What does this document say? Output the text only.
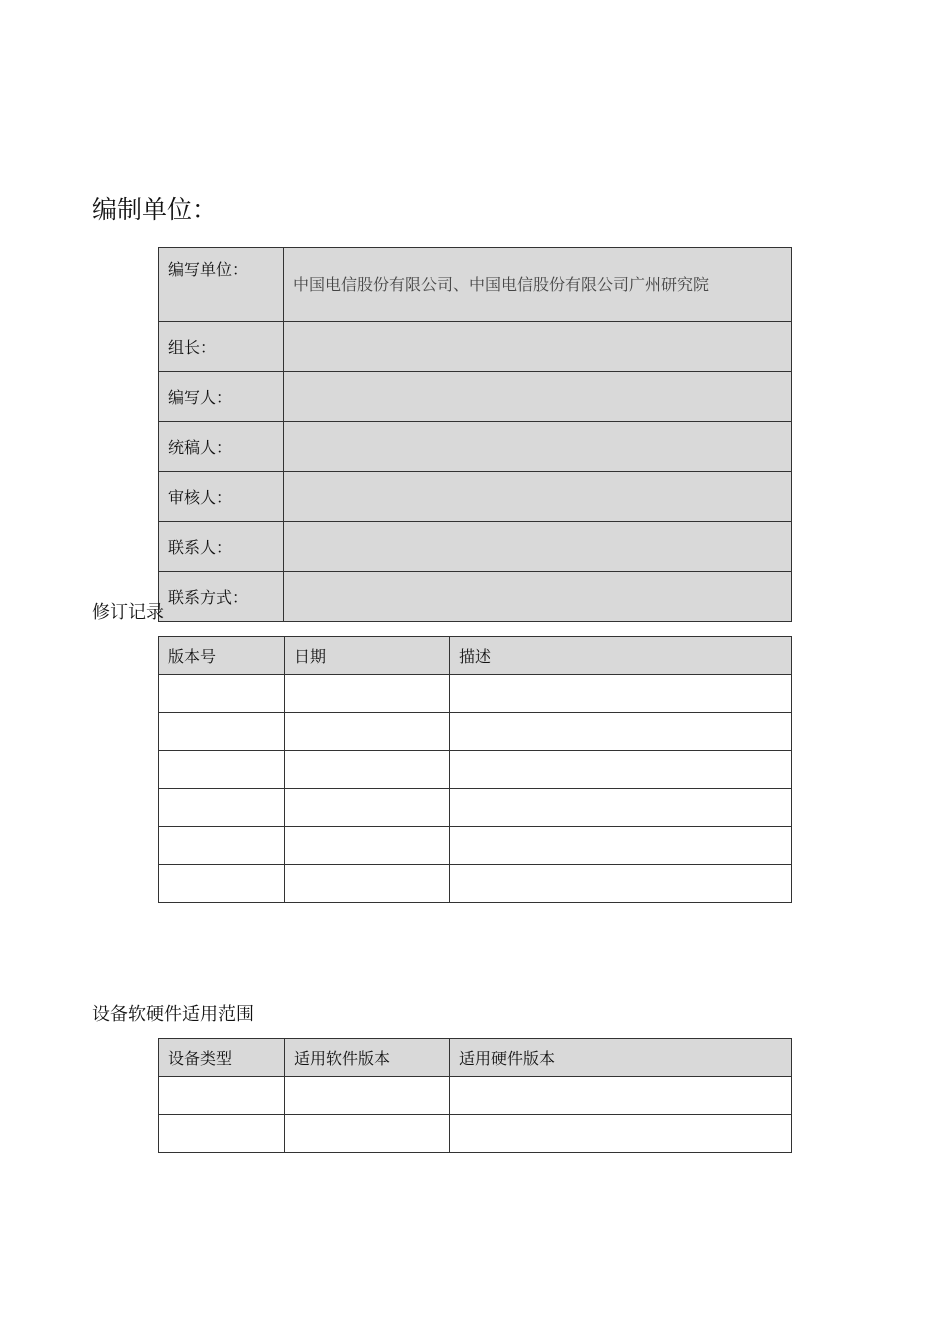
编制单位：
编写单位：	中国电信股份有限公司、中国电信股份有限公司广州研究院
组长：	
编写人：	
统稿人：	
审核人：	
联系人：	
联系方式：	
修订记录
版本号	日期	描述

设备软硬件适用范围
设备类型	适用软件版本	适用硬件版本
